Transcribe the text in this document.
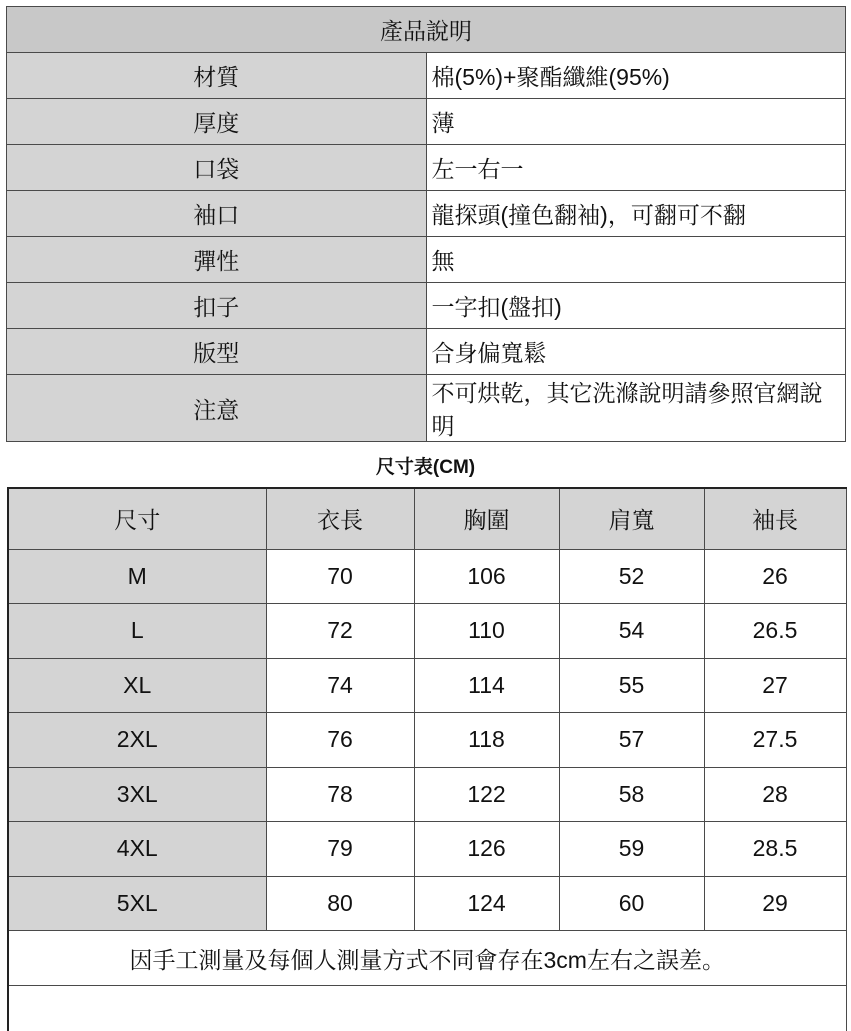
產品說明	
材質	棉(5%)+聚酯纖維(95%)
厚度	薄
口袋	左一右一
袖口	龍探頭(撞色翻袖)，可翻可不翻
彈性	無
扣子	一字扣(盤扣)
版型	合身偏寬鬆
注意	不可烘乾，其它洗滌說明請參照官網說明
尺寸表(CM)
尺寸	衣長	胸圍	肩寬	袖長
M	70	106	52	26
L	72	110	54	26.5
XL	74	114	55	27
2XL	76	118	57	27.5
3XL	78	122	58	28
4XL	79	126	59	28.5
5XL	80	124	60	29
因手工測量及每個人測量方式不同會存在3cm左右之誤差。				
